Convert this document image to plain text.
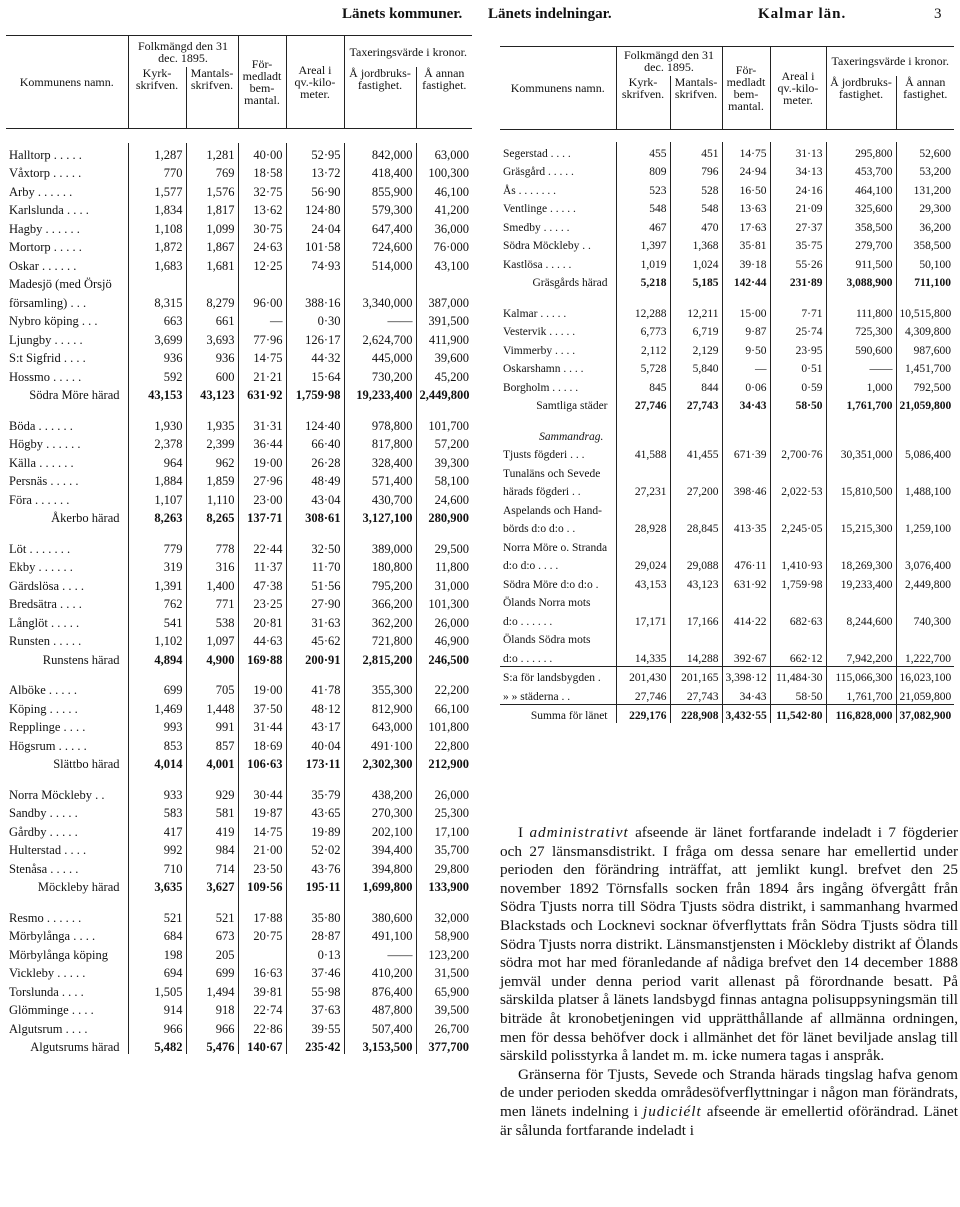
Länets kommuner. Länets indelningar.	Kalmar län.	3
Kommunens namn.	Folkmängd den 31 dec. 1895.		För- medladt bem- mantal.	Areal i qv.-kilo- meter.	Taxeringsvärde i kronor.	
	Kyrk- skrifven.	Mantals- skrifven.			Å jordbruks- fastighet.	Å annan fastighet.

Halltorp . . . . .	1,287	1,281	40·00	52·95	842,000	63,000
Våxtorp . . . . .	770	769	18·58	13·72	418,400	100,300
Arby . . . . . .	1,577	1,576	32·75	56·90	855,900	46,100
Karlslunda . . . .	1,834	1,817	13·62	124·80	579,300	41,200
Hagby . . . . . .	1,108	1,099	30·75	24·04	647,400	36,000
Mortorp . . . . .	1,872	1,867	24·63	101·58	724,600	76·000
Oskar . . . . . .	1,683	1,681	12·25	74·93	514,000	43,100
Madesjö (med Örsjö						
församling) . . .	8,315	8,279	96·00	388·16	3,340,000	387,000
Nybro köping . . .	663	661	—	0·30	——	391,500
Ljungby . . . . .	3,699	3,693	77·96	126·17	2,624,700	411,900
S:t Sigfrid . . . .	936	936	14·75	44·32	445,000	39,600
Hossmo . . . . .	592	600	21·21	15·64	730,200	45,200
Södra Möre härad	43,153	43,123	631·92	1,759·98	19,233,400	2,449,800

Böda . . . . . .	1,930	1,935	31·31	124·40	978,800	101,700
Högby . . . . . .	2,378	2,399	36·44	66·40	817,800	57,200
Källa . . . . . .	964	962	19·00	26·28	328,400	39,300
Persnäs . . . . .	1,884	1,859	27·96	48·49	571,400	58,100
Föra . . . . . .	1,107	1,110	23·00	43·04	430,700	24,600
Åkerbo härad	8,263	8,265	137·71	308·61	3,127,100	280,900

Löt . . . . . . .	779	778	22·44	32·50	389,000	29,500
Ekby . . . . . .	319	316	11·37	11·70	180,800	11,800
Gärdslösa . . . .	1,391	1,400	47·38	51·56	795,200	31,000
Bredsätra . . . .	762	771	23·25	27·90	366,200	101,300
Långlöt . . . . .	541	538	20·81	31·63	362,200	26,000
Runsten . . . . .	1,102	1,097	44·63	45·62	721,800	46,900
Runstens härad	4,894	4,900	169·88	200·91	2,815,200	246,500

Alböke . . . . .	699	705	19·00	41·78	355,300	22,200
Köping . . . . .	1,469	1,448	37·50	48·12	812,900	66,100
Repplinge . . . .	993	991	31·44	43·17	643,000	101,800
Högsrum . . . . .	853	857	18·69	40·04	491·100	22,800
Slättbo härad	4,014	4,001	106·63	173·11	2,302,300	212,900

Norra Möckleby . .	933	929	30·44	35·79	438,200	26,000
Sandby . . . . .	583	581	19·87	43·65	270,300	25,300
Gårdby . . . . .	417	419	14·75	19·89	202,100	17,100
Hulterstad . . . .	992	984	21·00	52·02	394,400	35,700
Stenåsa . . . . .	710	714	23·50	43·76	394,800	29,800
Möckleby härad	3,635	3,627	109·56	195·11	1,699,800	133,900

Resmo . . . . . .	521	521	17·88	35·80	380,600	32,000
Mörbylånga . . . .	684	673	20·75	28·87	491,100	58,900
Mörbylånga köping	198	205		0·13	——	123,200
Vickleby . . . . .	694	699	16·63	37·46	410,200	31,500
Torslunda . . . .	1,505	1,494	39·81	55·98	876,400	65,900
Glömminge . . . .	914	918	22·74	37·63	487,800	39,500
Algutsrum . . . .	966	966	22·86	39·55	507,400	26,700
Algutsrums härad	5,482	5,476	140·67	235·42	3,153,500	377,700
Kommunens namn.	Folkmängd den 31 dec. 1895.		För- medladt bem- mantal.	Areal i qv.-kilo- meter.	Taxeringsvärde i kronor.	
	Kyrk- skrifven.	Mantals- skrifven.			Å jordbruks- fastighet.	Å annan fastighet.

Segerstad . . . .	455	451	14·75	31·13	295,800	52,600
Gräsgård . . . . .	809	796	24·94	34·13	453,700	53,200
Ås . . . . . . .	523	528	16·50	24·16	464,100	131,200
Ventlinge . . . . .	548	548	13·63	21·09	325,600	29,300
Smedby . . . . .	467	470	17·63	27·37	358,500	36,200
Södra Möckleby . .	1,397	1,368	35·81	35·75	279,700	358,500
Kastlösa . . . . .	1,019	1,024	39·18	55·26	911,500	50,100
Gräsgårds härad	5,218	5,185	142·44	231·89	3,088,900	711,100

Kalmar . . . . .	12,288	12,211	15·00	7·71	111,800	10,515,800
Vestervik . . . . .	6,773	6,719	9·87	25·74	725,300	4,309,800
Vimmerby . . . .	2,112	2,129	9·50	23·95	590,600	987,600
Oskarshamn . . . .	5,728	5,840	—	0·51	——	1,451,700
Borgholm . . . . .	845	844	0·06	0·59	1,000	792,500
Samtliga städer	27,746	27,743	34·43	58·50	1,761,700	21,059,800

Sammandrag.						
Tjusts fögderi . . .	41,588	41,455	671·39	2,700·76	30,351,000	5,086,400
Tunaläns och Sevede						
härads fögderi . .	27,231	27,200	398·46	2,022·53	15,810,500	1,488,100
Aspelands och Hand-						
börds d:o d:o . .	28,928	28,845	413·35	2,245·05	15,215,300	1,259,100
Norra Möre o. Stranda						
d:o d:o . . . .	29,024	29,088	476·11	1,410·93	18,269,300	3,076,400
Södra Möre d:o d:o .	43,153	43,123	631·92	1,759·98	19,233,400	2,449,800
Ölands Norra mots						
d:o . . . . . .	17,171	17,166	414·22	682·63	8,244,600	740,300
Ölands Södra mots						
d:o . . . . . .	14,335	14,288	392·67	662·12	7,942,200	1,222,700
S:a för landsbygden .	201,430	201,165	3,398·12	11,484·30	115,066,300	16,023,100
» » städerna . .	27,746	27,743	34·43	58·50	1,761,700	21,059,800
Summa för länet	229,176	228,908	3,432·55	11,542·80	116,828,000	37,082,900

I administrativt afseende är länet fortfarande indeladt i 7 fögderier och 27 länsmansdistrikt. I fråga om dessa senare har emellertid under perioden den förändring inträffat, att jemlikt kungl. brefvet den 25 november 1892 Törnsfalls socken från 1894 års ingång öfvergått från Södra Tjusts norra till Södra Tjusts södra distrikt, i sammanhang hvarmed Blackstads och Locknevi socknar öfverflyttats från Södra Tjusts södra till Södra Tjusts norra distrikt. Länsmanstjensten i Möckleby distrikt af Ölands södra mot har med föranledande af nådiga brefvet den 14 december 1888 jemväl under denna period varit allenast på förordnande besatt. På särskilda platser å länets landsbygd finnas antagna polisuppsyningsmän till biträde åt kronobetjeningen vid upprätthållande af allmänna ordningen, men för dessa behöfver dock i allmänhet det för länet beviljade anslag till särskild polisstyrka å landet m. m. icke numera tagas i anspråk.

Gränserna för Tjusts, Sevede och Stranda härads tingslag hafva genom de under perioden skedda områdesöfverflyttningar i någon man förändrats, men länets indelning i judiciélt afseende är emellertid oförändrad. Länet är sålunda fortfarande indeladt i
